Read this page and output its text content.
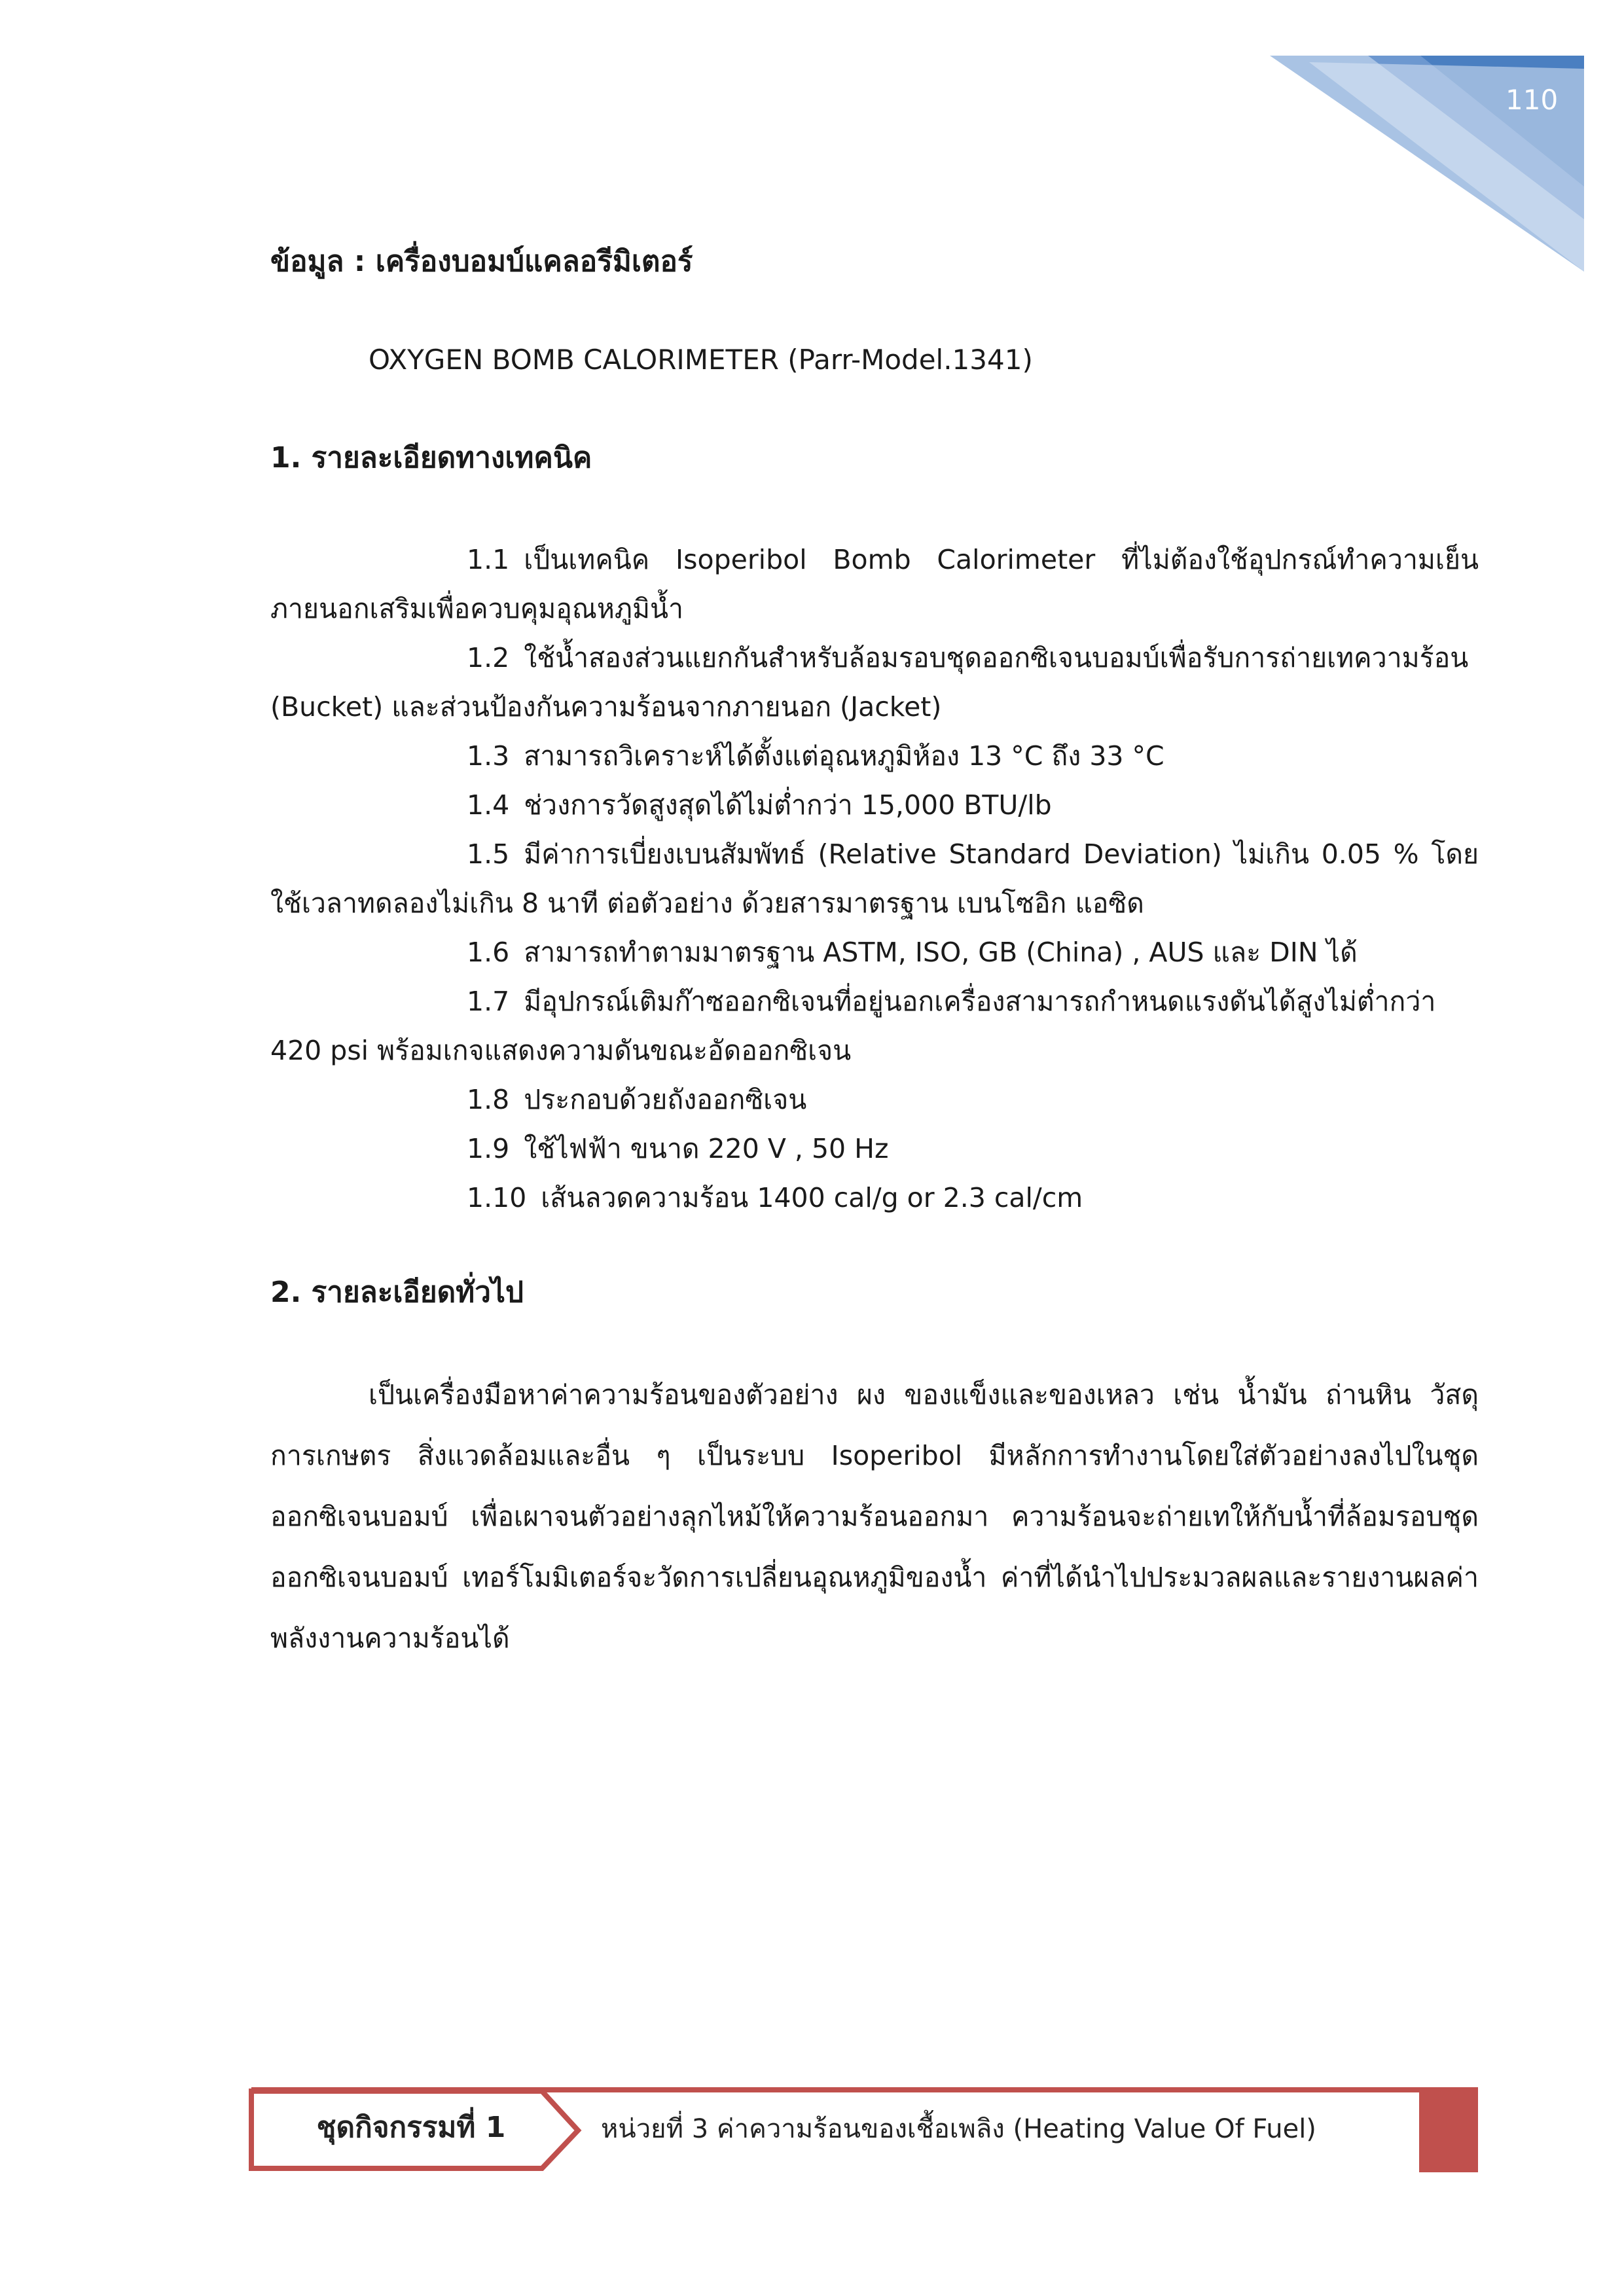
110

ข้อมูล : เครื่องบอมบ์แคลอรีมิเตอร์

OXYGEN BOMB CALORIMETER (Parr-Model.1341)

1. รายละเอียดทางเทคนิค

1.1 เป็นเทคนิค Isoperibol Bomb Calorimeter ที่ไม่ต้องใช้อุปกรณ์ทำความเย็นภายนอกเสริมเพื่อควบคุมอุณหภูมิน้ำ

1.2 ใช้น้ำสองส่วนแยกกันสำหรับล้อมรอบชุดออกซิเจนบอมบ์เพื่อรับการถ่ายเทความร้อน (Bucket) และส่วนป้องกันความร้อนจากภายนอก (Jacket)

1.3 สามารถวิเคราะห์ได้ตั้งแต่อุณหภูมิห้อง 13 °C ถึง 33 °C

1.4 ช่วงการวัดสูงสุดได้ไม่ต่ำกว่า 15,000 BTU/lb

1.5 มีค่าการเบี่ยงเบนสัมพัทธ์ (Relative Standard Deviation) ไม่เกิน 0.05 % โดยใช้เวลาทดลองไม่เกิน 8 นาที ต่อตัวอย่าง ด้วยสารมาตรฐาน เบนโซอิก แอซิด

1.6 สามารถทำตามมาตรฐาน ASTM, ISO, GB (China) , AUS และ DIN ได้

1.7 มีอุปกรณ์เติมก๊าซออกซิเจนที่อยู่นอกเครื่องสามารถกำหนดแรงดันได้สูงไม่ต่ำกว่า 420 psi พร้อมเกจแสดงความดันขณะอัดออกซิเจน

1.8 ประกอบด้วยถังออกซิเจน

1.9 ใช้ไฟฟ้า ขนาด 220 V , 50 Hz

1.10 เส้นลวดความร้อน 1400 cal/g or 2.3 cal/cm

2. รายละเอียดทั่วไป

เป็นเครื่องมือหาค่าความร้อนของตัวอย่าง ผง ของแข็งและของเหลว เช่น น้ำมัน ถ่านหิน วัสดุการเกษตร สิ่งแวดล้อมและอื่น ๆ เป็นระบบ Isoperibol มีหลักการทำงานโดยใส่ตัวอย่างลงไปในชุดออกซิเจนบอมบ์ เพื่อเผาจนตัวอย่างลุกไหม้ให้ความร้อนออกมา ความร้อนจะถ่ายเทให้กับน้ำที่ล้อมรอบชุดออกซิเจนบอมบ์ เทอร์โมมิเตอร์จะวัดการเปลี่ยนอุณหภูมิของน้ำ ค่าที่ได้นำไปประมวลผลและรายงานผลค่าพลังงานความร้อนได้

ชุดกิจกรรมที่ 1	หน่วยที่ 3 ค่าความร้อนของเชื้อเพลิง (Heating Value Of Fuel)
